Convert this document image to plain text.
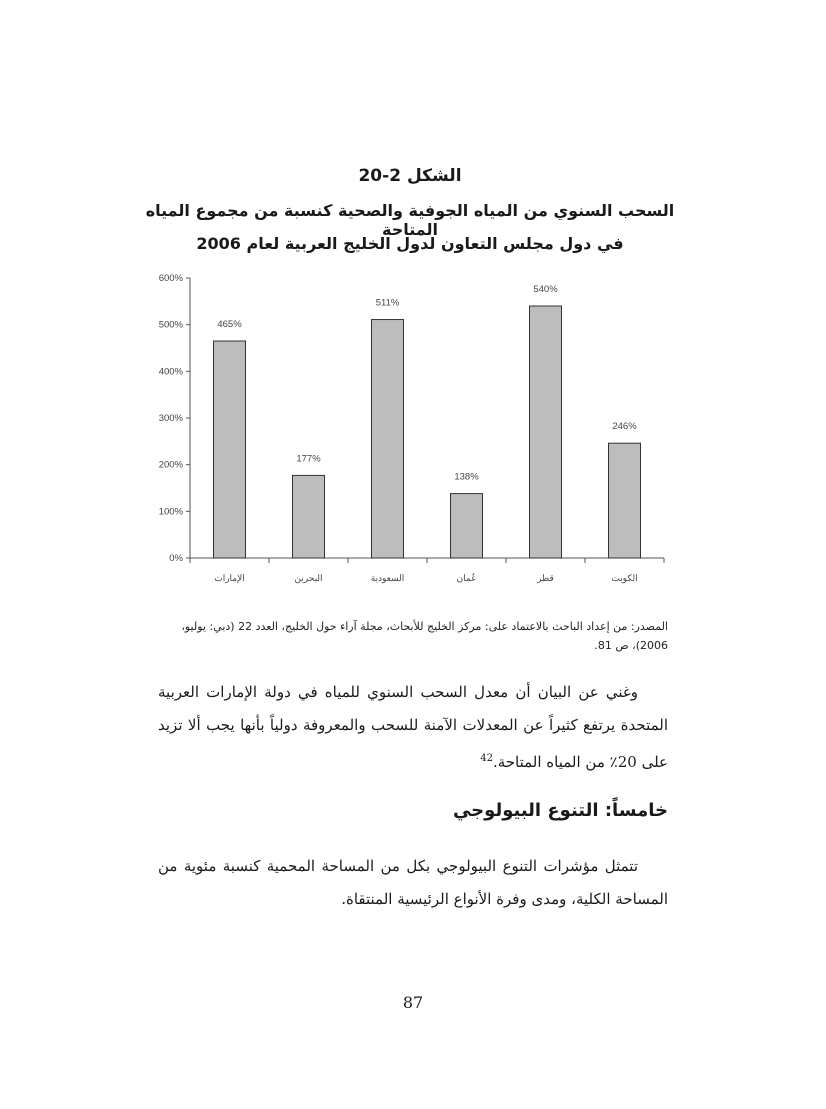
الشكل 2-20
السحب السنوي من المياه الجوفية والصحية كنسبة من مجموع المياه المتاحة
في دول مجلس التعاون لدول الخليج العربية لعام 2006
0%
100%
200%
300%
400%
500%
600%
الإمارات	البحرين	السعودية	عُمان	قطر	الكويت
465%
177%
511%
138%
540%
246%

المصدر: من إعداد الباحث بالاعتماد على: مركز الخليج للأبحاث، مجلة آراء حول الخليج، العدد 22 (دبي: يوليو، 2006)، ص 81.

وغني عن البيان أن معدل السحب السنوي للمياه في دولة الإمارات العربية المتحدة يرتفع كثيراً عن المعدلات الآمنة للسحب والمعروفة دولياً بأنها يجب ألا تزيد على 20٪ من المياه المتاحة.$^{42}$

خامساً: التنوع البيولوجي

تتمثل مؤشرات التنوع البيولوجي بكل من المساحة المحمية كنسبة مئوية من المساحة الكلية، ومدى وفرة الأنواع الرئيسية المنتقاة.

87
